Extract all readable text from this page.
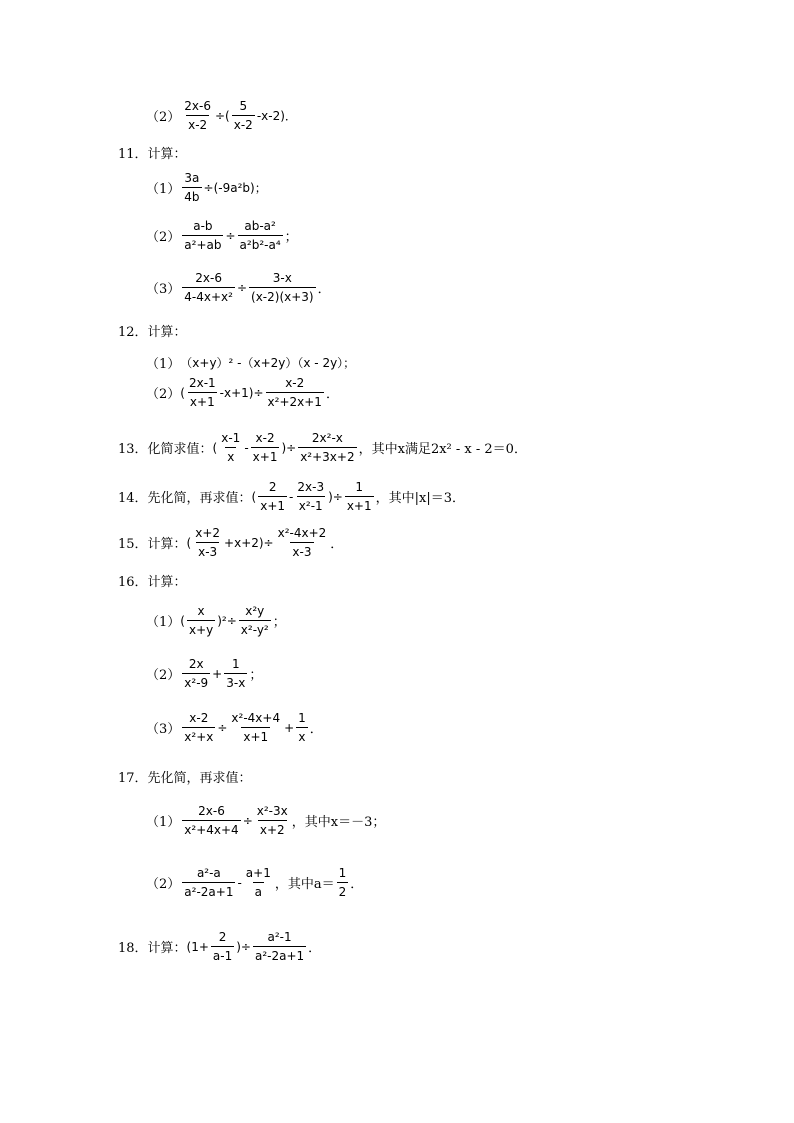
$(2) \frac{2x-6}{x-2}$ ÷ (
5
x-2
-x-2)．
11．计算：
$(1) \frac{3a}{4b} \div(-9a^2b)$；
$(2) \frac{a-b}{\text{a²+ab}} \div \frac{\text{ab-a²}}{\text{a²b²-a⁴}}$ ；
$(3) \frac{2x-6}{\text{4-4x+x²}} \div \frac{3-x}{(x-2)(x+3)}$ ．
12．计算：
（1） （x+y）² -（x+2y）（x - 2y）；
（2） (
2x-1
x+1
$-x+1)\div \frac{x-2}{\text{x²+2x+1}}$ ．
13．化简求值： (
x-1
x
-
x-2
x+1
)÷ $\frac{\text{2x²-x}}{\text{x²+3x+2}}$ ，其中x满足2x² - x - 2＝0．
14．先化简，再求值： (
2
x+1
-
2x-3
x²-1
)÷ $\frac{1}{x+1}$ ，其中|x|＝3．
15．计算： (
x+2
x-3
$+x+2)\div \frac{\text{x²-4x+2}}{x-3}$ ．
16．计算：
（1） (
x
x+y
)$^2\div \frac{\text{x²y}}{\text{x²-y²}}$ ；
（2）
2x
x²-9
+ $\frac{1}{3-x}$ ；
$(3) \frac{x-2}{\text{x²+x}} \div \frac{\text{x²-4x+4}}{x+1} + \frac{1}{x}$ ．
17．先化简，再求值：
$(1) \frac{2x-6}{\text{x²+4x+4}} \div \frac{\text{x²-3x}}{x+2}$ ，其中x＝－3；
（2）
a²-a
a²-2a+1
-
a+1
a ，其中a＝
1
2 ．
18．计算： ($1+ \frac{2}{a-1}$ )÷ $\frac{\text{a²-1}}{\text{a²-2a+1}}$ ．
